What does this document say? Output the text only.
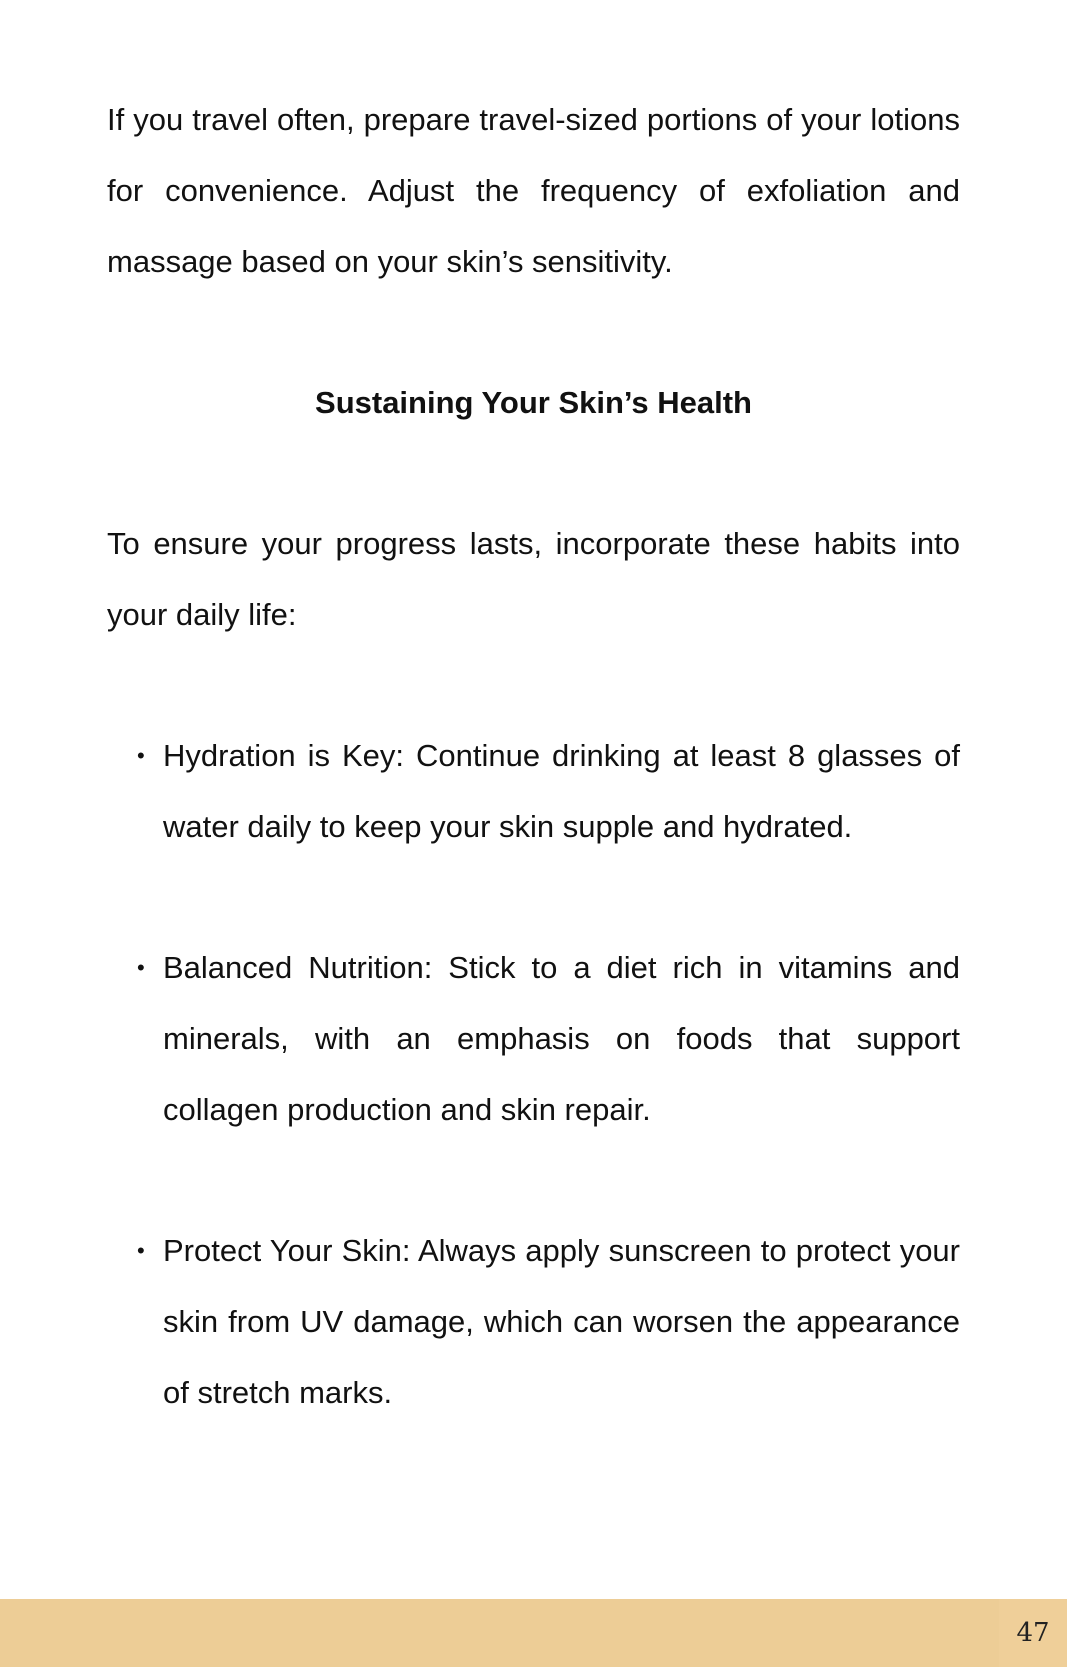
If you travel often, prepare travel-sized portions of your lotions for convenience. Adjust the frequency of exfoliation and massage based on your skin’s sensitivity.

Sustaining Your Skin’s Health

To ensure your progress lasts, incorporate these habits into your daily life:

• Hydration is Key: Continue drinking at least 8 glasses of water daily to keep your skin supple and hydrated.
• Balanced Nutrition: Stick to a diet rich in vitamins and minerals, with an emphasis on foods that support collagen production and skin repair.
• Protect Your Skin: Always apply sunscreen to protect your skin from UV damage, which can worsen the appearance of stretch marks.
47
